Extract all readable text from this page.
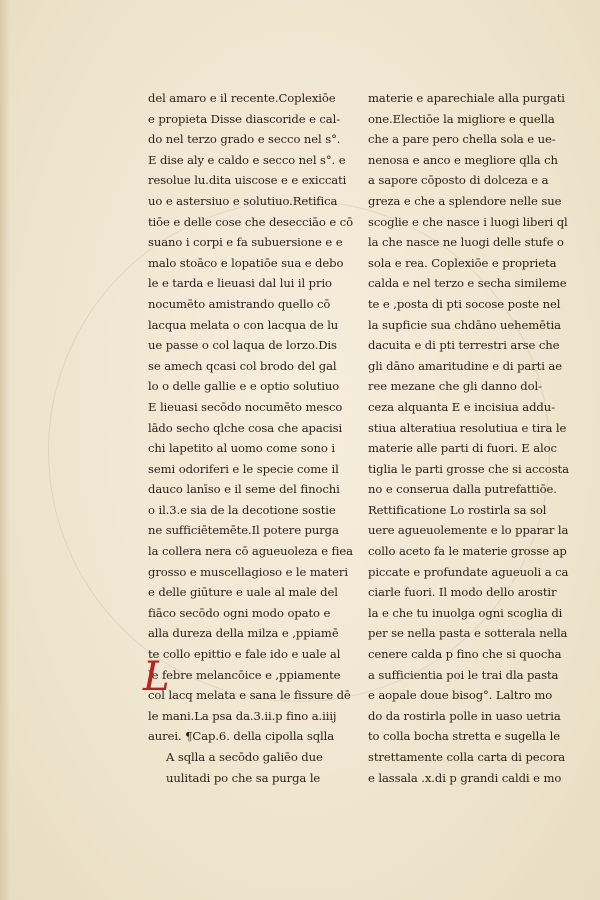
del amaro e il recente.Coplexiōe
e propieta Disse diascoride e cal-
do nel terzo grado e secco nel s°.
E dise aly e caldo e secco nel s°. e
resolue lu.dita uiscose e e exiccati
uo e astersiuo e solutiuo.Retifica
tiōe e delle cose che desecciāo e cō
suano i corpi e fa subuersione e e
malo stoāco e lopatiōe sua e debo
le e tarda e lieuasi dal lui il prio
nocumēto amistrando quello cō
lacqua melata o con lacqua de lu
ue passe o col laqua de lorzo.Dis
se amech qcasi col brodo del gal
lo o delle gallie e e optio solutiuo
E lieuasi secōdo nocumēto mesco
lādo secho qlche cosa che apacisi
chi lapetito al uomo come sono i
semi odoriferi e le specie come il
dauco lanīso e il seme del finochi
o il.3.e sia de la decotione sostie
ne sufficiētemēte.Il potere purga
la collera nera cō agueuoleza e fiea
grosso e muscellagioso e le materi
e delle giūture e uale al male del
fiāco secōdo ogni modo opato e
alla dureza della milza e ,ppiamē
te collo epittio e fale ido e uale al
le febre melancōice e ,ppiamente
col lacq melata e sana le fissure dē
le mani.La psa da.3.ii.p fino a.iiij
aurei. ¶Cap.6. della cipolla sqlla
A sqlla a secōdo galiēo due
uulitadi po che sa purga le
materie e aparechiale alla purgati
one.Electiōe la migliore e quella
che a pare pero chella sola e ue-
nenosa e anco e megliore qlla ch
a sapore cōposto di dolceza e a
greza e che a splendore nelle sue
scoglie e che nasce i luogi liberi ql
la che nasce ne luogi delle stufe o
sola e rea. Coplexiōe e proprieta
calda e nel terzo e secha simileme
te e ,posta di pti socose poste nel
la supficie sua chdāno uehemētia
dacuita e di pti terrestri arse che
gli dāno amaritudine e di parti ae
ree mezane che gli danno dol-
ceza alquanta E e incisiua addu-
stiua alteratiua resolutiua e tira le
materie alle parti di fuori. E aloc
tiglia le parti grosse che si accosta
no e conserua dalla putrefattiōe.
Rettificatione Lo rostirla sa sol
uere agueuolemente e lo pparar la
collo aceto fa le materie grosse ap
piccate e profundate agueuoli a ca
ciarle fuori. Il modo dello arostir
la e che tu inuolga ogni scoglia di
per se nella pasta e sotterala nella
cenere calda p fino che si quocha
a sufficientia poi le trai dla pasta
e aopale doue bisog°. Laltro mo
do da rostirla polle in uaso uetria
to colla bocha stretta e sugella le
strettamente colla carta di pecora
e lassala .x.di p grandi caldi e mo
L
